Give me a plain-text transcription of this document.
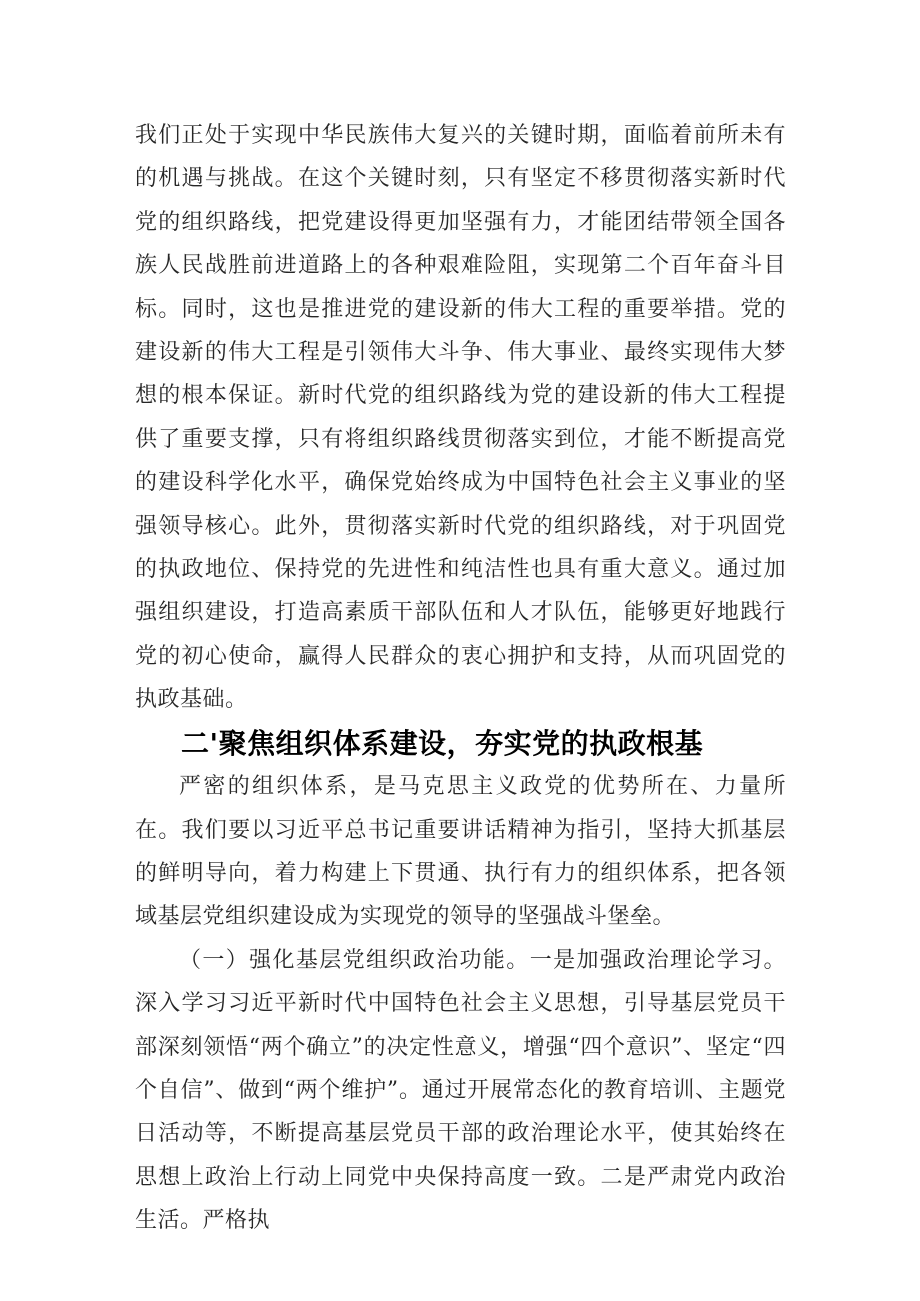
我们正处于实现中华民族伟大复兴的关键时期，面临着前所未有的机遇与挑战。在这个关键时刻，只有坚定不移贯彻落实新时代党的组织路线，把党建设得更加坚强有力，才能团结带领全国各族人民战胜前进道路上的各种艰难险阻，实现第二个百年奋斗目标。同时，这也是推进党的建设新的伟大工程的重要举措。党的建设新的伟大工程是引领伟大斗争、伟大事业、最终实现伟大梦想的根本保证。新时代党的组织路线为党的建设新的伟大工程提供了重要支撑，只有将组织路线贯彻落实到位，才能不断提高党的建设科学化水平，确保党始终成为中国特色社会主义事业的坚强领导核心。此外，贯彻落实新时代党的组织路线，对于巩固党的执政地位、保持党的先进性和纯洁性也具有重大意义。通过加强组织建设，打造高素质干部队伍和人才队伍，能够更好地践行党的初心使命，赢得人民群众的衷心拥护和支持，从而巩固党的执政基础。

二'聚焦组织体系建设，夯实党的执政根基

严密的组织体系，是马克思主义政党的优势所在、力量所在。我们要以习近平总书记重要讲话精神为指引，坚持大抓基层的鲜明导向，着力构建上下贯通、执行有力的组织体系，把各领域基层党组织建设成为实现党的领导的坚强战斗堡垒。

（一）强化基层党组织政治功能。一是加强政治理论学习。深入学习习近平新时代中国特色社会主义思想，引导基层党员干部深刻领悟“两个确立”的决定性意义，增强“四个意识”、坚定“四个自信”、做到“两个维护”。通过开展常态化的教育培训、主题党日活动等，不断提高基层党员干部的政治理论水平，使其始终在思想上政治上行动上同党中央保持高度一致。二是严肃党内政治生活。严格执
